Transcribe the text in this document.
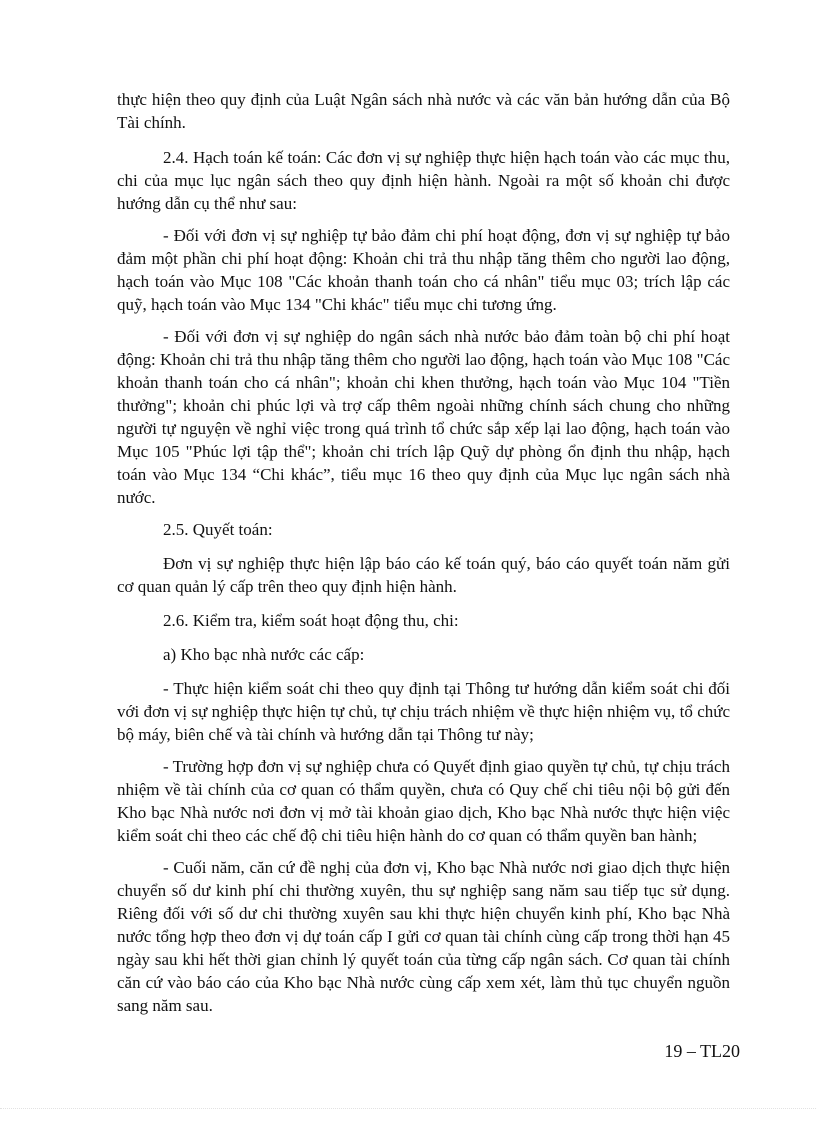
thực hiện theo quy định của Luật Ngân sách nhà nước và các văn bản hướng dẫn của Bộ Tài chính.

2.4. Hạch toán kế toán: Các đơn vị sự nghiệp thực hiện hạch toán vào các mục thu, chi của mục lục ngân sách theo quy định hiện hành. Ngoài ra một số khoản chi được hướng dẫn cụ thể như sau:

- Đối với đơn vị sự nghiệp tự bảo đảm chi phí hoạt động, đơn vị sự nghiệp tự bảo đảm một phần chi phí hoạt động: Khoản chi trả thu nhập tăng thêm cho người lao động, hạch toán vào Mục 108 "Các khoản thanh toán cho cá nhân" tiểu mục 03; trích lập các quỹ, hạch toán vào Mục 134 "Chi khác" tiểu mục chi tương ứng.

- Đối với đơn vị sự nghiệp do ngân sách nhà nước bảo đảm toàn bộ chi phí hoạt động: Khoản chi trả thu nhập tăng thêm cho người lao động, hạch toán vào Mục 108 "Các khoản thanh toán cho cá nhân"; khoản chi khen thưởng, hạch toán vào Mục 104 "Tiền thưởng"; khoản chi phúc lợi và trợ cấp thêm ngoài những chính sách chung cho những người tự nguyện về nghỉ việc trong quá trình tổ chức sắp xếp lại lao động, hạch toán vào Mục 105 "Phúc lợi tập thể"; khoản chi trích lập Quỹ dự phòng ổn định thu nhập, hạch toán vào Mục 134 “Chi khác”, tiểu mục 16 theo quy định của Mục lục ngân sách nhà nước.

2.5. Quyết toán:

Đơn vị sự nghiệp thực hiện lập báo cáo kế toán quý, báo cáo quyết toán năm gửi cơ quan quản lý cấp trên theo quy định hiện hành.

2.6. Kiểm tra, kiểm soát hoạt động thu, chi:

a) Kho bạc nhà nước các cấp:

- Thực hiện kiểm soát chi theo quy định tại Thông tư hướng dẫn kiểm soát chi đối với đơn vị sự nghiệp thực hiện tự chủ, tự chịu trách nhiệm về thực hiện nhiệm vụ, tổ chức bộ máy, biên chế và tài chính và hướng dẫn tại Thông tư này;

- Trường hợp đơn vị sự nghiệp chưa có Quyết định giao quyền tự chủ, tự chịu trách nhiệm về tài chính của cơ quan có thẩm quyền, chưa có Quy chế chi tiêu nội bộ gửi đến Kho bạc Nhà nước nơi đơn vị mở tài khoản giao dịch, Kho bạc Nhà nước thực hiện việc kiểm soát chi theo các chế độ chi tiêu hiện hành do cơ quan có thẩm quyền ban hành;

- Cuối năm, căn cứ đề nghị của đơn vị, Kho bạc Nhà nước nơi giao dịch thực hiện chuyển số dư kinh phí chi thường xuyên, thu sự nghiệp sang năm sau tiếp tục sử dụng. Riêng đối với số dư chi thường xuyên sau khi thực hiện chuyển kinh phí, Kho bạc Nhà nước tổng hợp theo đơn vị dự toán cấp I gửi cơ quan tài chính cùng cấp trong thời hạn 45 ngày sau khi hết thời gian chỉnh lý quyết toán của từng cấp ngân sách. Cơ quan tài chính căn cứ vào báo cáo của Kho bạc Nhà nước cùng cấp xem xét, làm thủ tục chuyển nguồn sang năm sau.

19 – TL20
